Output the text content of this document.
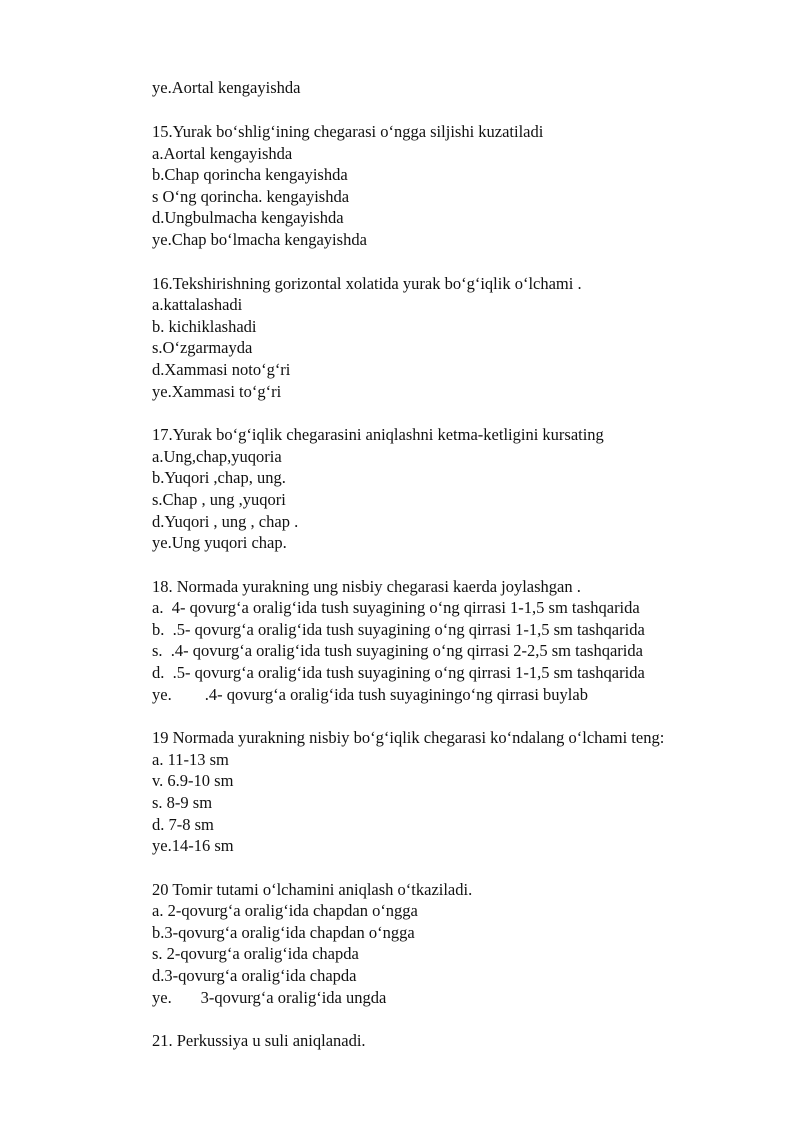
ye.Aortal kengayishda
15.Yurak bo‘shlig‘ining chegarasi o‘ngga siljishi kuzatiladi
a.Aortal kengayishda
b.Chap qorincha kengayishda
s O‘ng qorincha. kengayishda
d.Ungbulmacha kengayishda
ye.Chap bo‘lmacha kengayishda
16.Tekshirishning gorizontal xolatida yurak bo‘g‘iqlik o‘lchami .
a.kattalashadi
b. kichiklashadi
s.O‘zgarmayda
d.Xammasi noto‘g‘ri
ye.Xammasi to‘g‘ri
17.Yurak bo‘g‘iqlik chegarasini aniqlashni ketma-ketligini kursating
a.Ung,chap,yuqoria
b.Yuqori ,chap, ung.
s.Chap , ung ,yuqori
d.Yuqori , ung , chap .
ye.Ung yuqori chap.
18. Normada yurakning ung nisbiy chegarasi kaerda joylashgan .
a.  4- qovurg‘a oralig‘ida tush suyagining o‘ng qirrasi 1-1,5 sm tashqarida
b.  .5- qovurg‘a oralig‘ida tush suyagining o‘ng qirrasi 1-1,5 sm tashqarida
s.  .4- qovurg‘a oralig‘ida tush suyagining o‘ng qirrasi 2-2,5 sm tashqarida
d.  .5- qovurg‘a oralig‘ida tush suyagining o‘ng qirrasi 1-1,5 sm tashqarida
ye.        .4- qovurg‘a oralig‘ida tush suyaginingo‘ng qirrasi buylab
19 Normada yurakning nisbiy bo‘g‘iqlik chegarasi ko‘ndalang o‘lchami teng:
a. 11-13 sm
v. 6.9-10 sm
s. 8-9 sm
d. 7-8 sm
ye.14-16 sm
20 Tomir tutami o‘lchamini aniqlash o‘tkaziladi.
a. 2-qovurg‘a oralig‘ida chapdan o‘ngga
b.3-qovurg‘a oralig‘ida chapdan o‘ngga
s. 2-qovurg‘a oralig‘ida chapda
d.3-qovurg‘a oralig‘ida chapda
ye.       3-qovurg‘a oralig‘ida ungda
21. Perkussiya u suli aniqlanadi.
